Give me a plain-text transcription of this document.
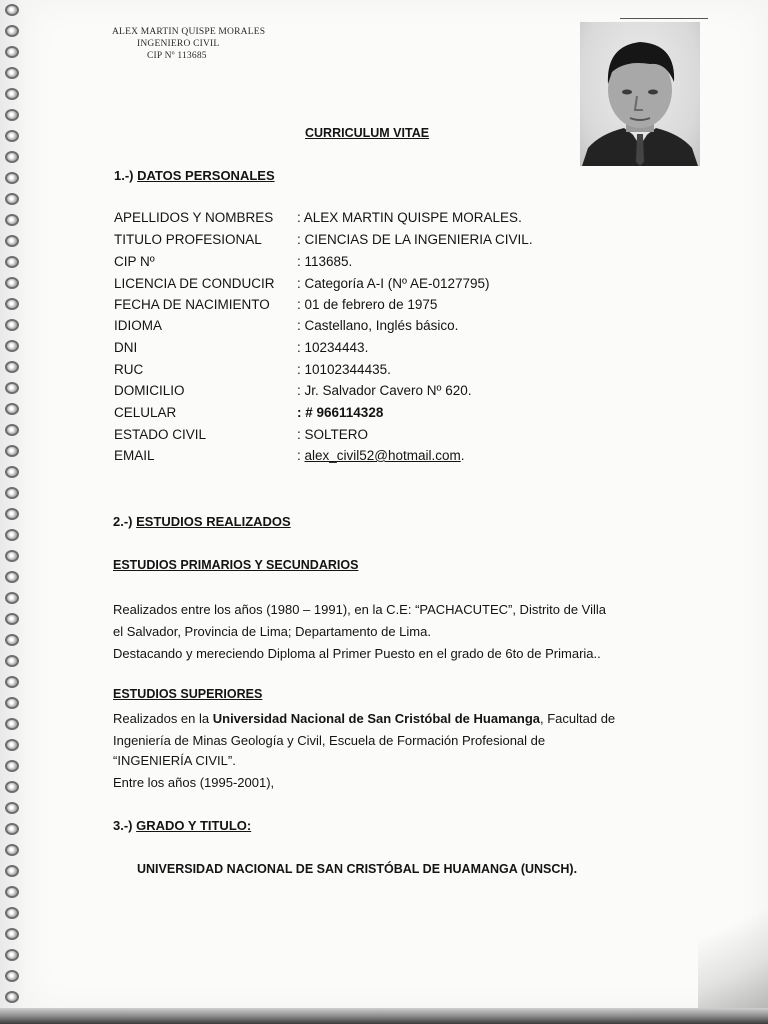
ALEX MARTIN QUISPE MORALES
INGENIERO CIVIL
CIP Nº 113685
CURRICULUM VITAE
1.-) DATOS PERSONALES
APELLIDOS Y NOMBRES : ALEX MARTIN QUISPE MORALES.
TITULO PROFESIONAL	: CIENCIAS DE LA INGENIERIA CIVIL.
CIP Nº	: 113685.
LICENCIA DE CONDUCIR : Categoría A-I (Nº AE-0127795)
FECHA DE NACIMIENTO : 01 de febrero de 1975
IDIOMA	: Castellano, Inglés básico.
DNI	: 10234443.
RUC	: 10102344435.
DOMICILIO	: Jr. Salvador Cavero Nº 620.
CELULAR	: # 966114328
ESTADO CIVIL	: SOLTERO
EMAIL	: alex_civil52@hotmail.com.
2.-) ESTUDIOS REALIZADOS
ESTUDIOS PRIMARIOS Y SECUNDARIOS
Realizados entre los años (1980 – 1991), en la C.E: “PACHACUTEC”, Distrito de Villa
el Salvador, Provincia de Lima; Departamento de Lima.
Destacando y mereciendo Diploma al Primer Puesto en el grado de 6to de Primaria..
ESTUDIOS SUPERIORES
Realizados en la Universidad Nacional de San Cristóbal de Huamanga, Facultad de
Ingeniería de Minas Geología y Civil, Escuela de Formación Profesional de
“INGENIERÍA CIVIL”.
Entre los años (1995-2001),
3.-) GRADO Y TITULO:
UNIVERSIDAD NACIONAL DE SAN CRISTÓBAL DE HUAMANGA (UNSCH).
